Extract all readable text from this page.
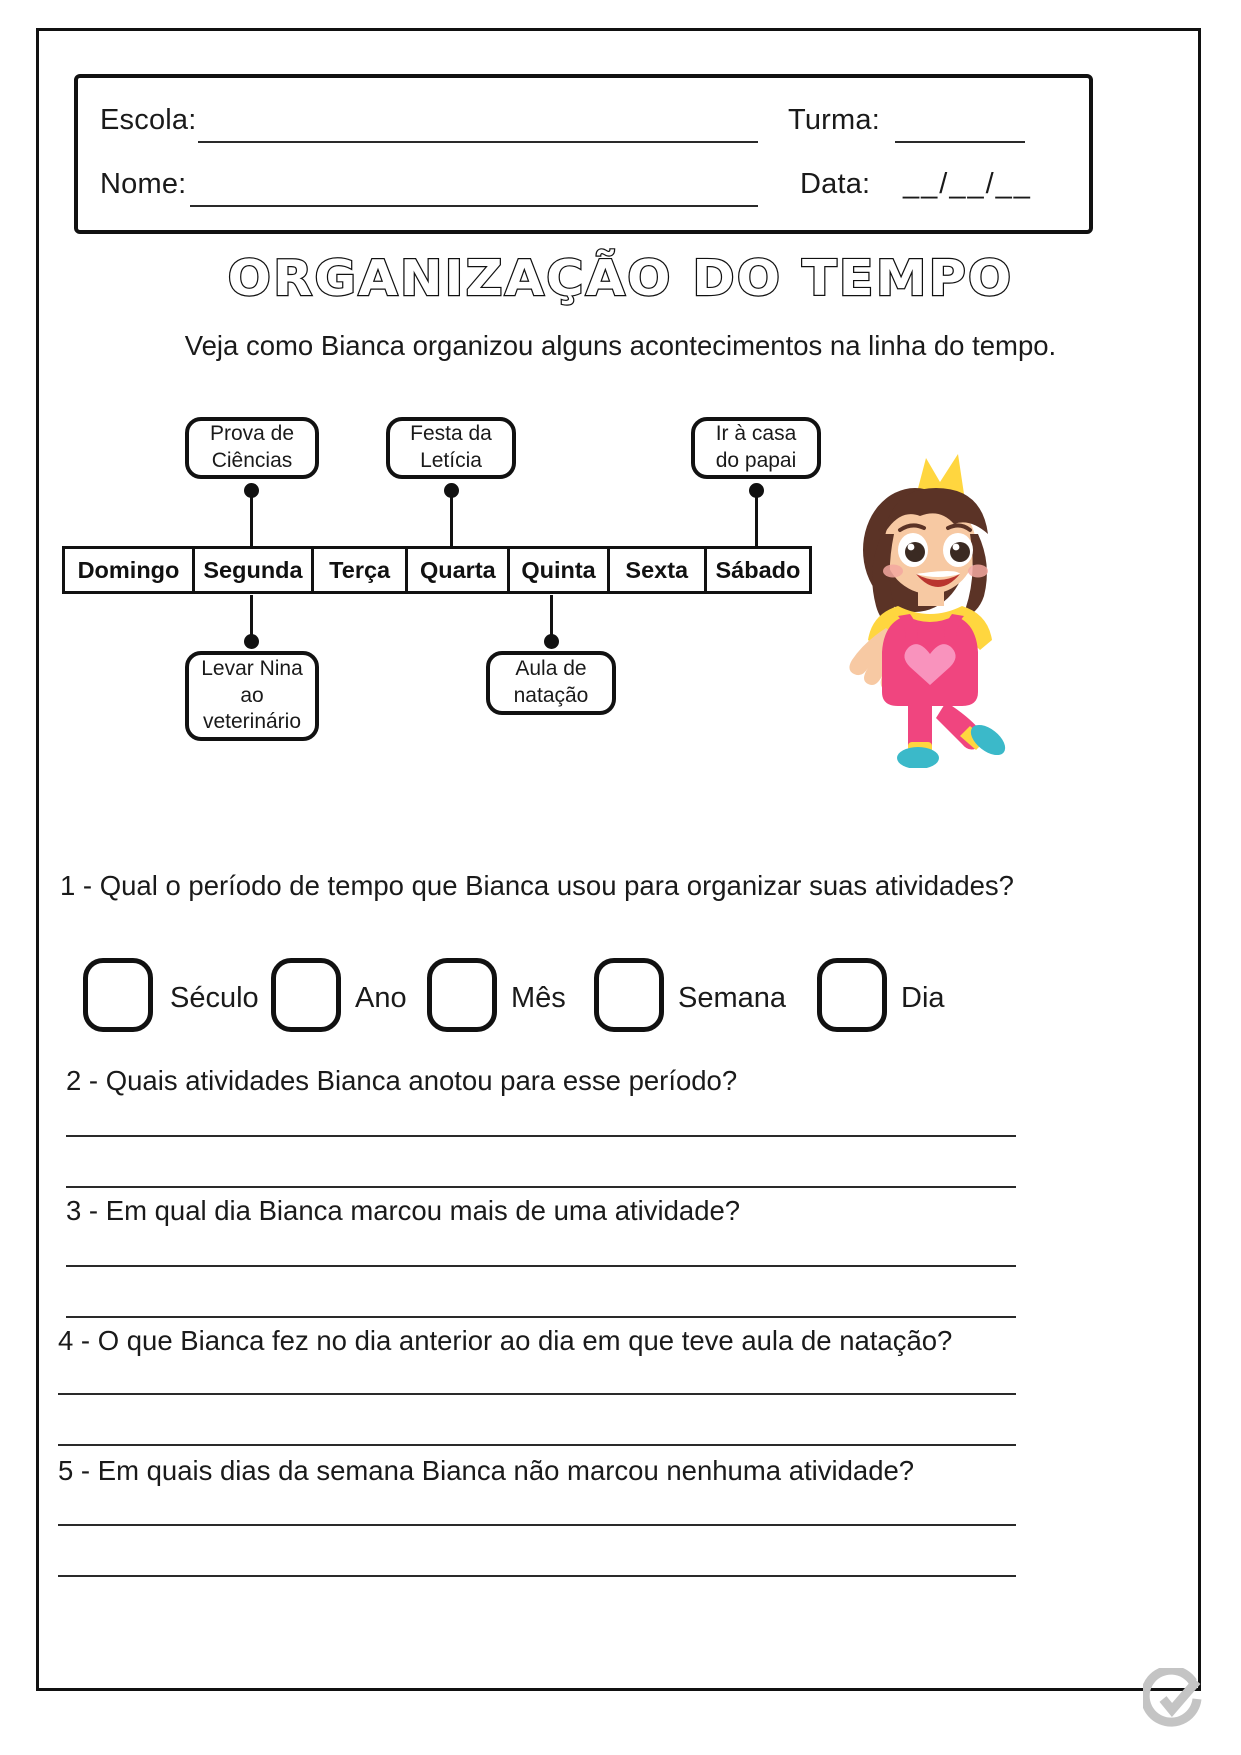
Escola:	Turma:
Nome:	Data: __/__/__
ORGANIZAÇÃO DO TEMPO
Veja como Bianca organizou alguns acontecimentos na linha do tempo.
Prova de Ciências
Festa da Letícia
Ir à casa do papai
Levar Nina ao veterinário
Aula de natação
Domingo	Segunda	Terça	Quarta	Quinta	Sexta	Sábado
1 - Qual o período de tempo que Bianca usou para organizar suas atividades?
Século	Ano	Mês	Semana	Dia
2 - Quais atividades Bianca anotou para esse período?
3 - Em qual dia Bianca marcou mais de uma atividade?
4 - O que Bianca fez no dia anterior ao dia em que teve aula de natação?
5 - Em quais dias da semana Bianca não marcou nenhuma atividade?
